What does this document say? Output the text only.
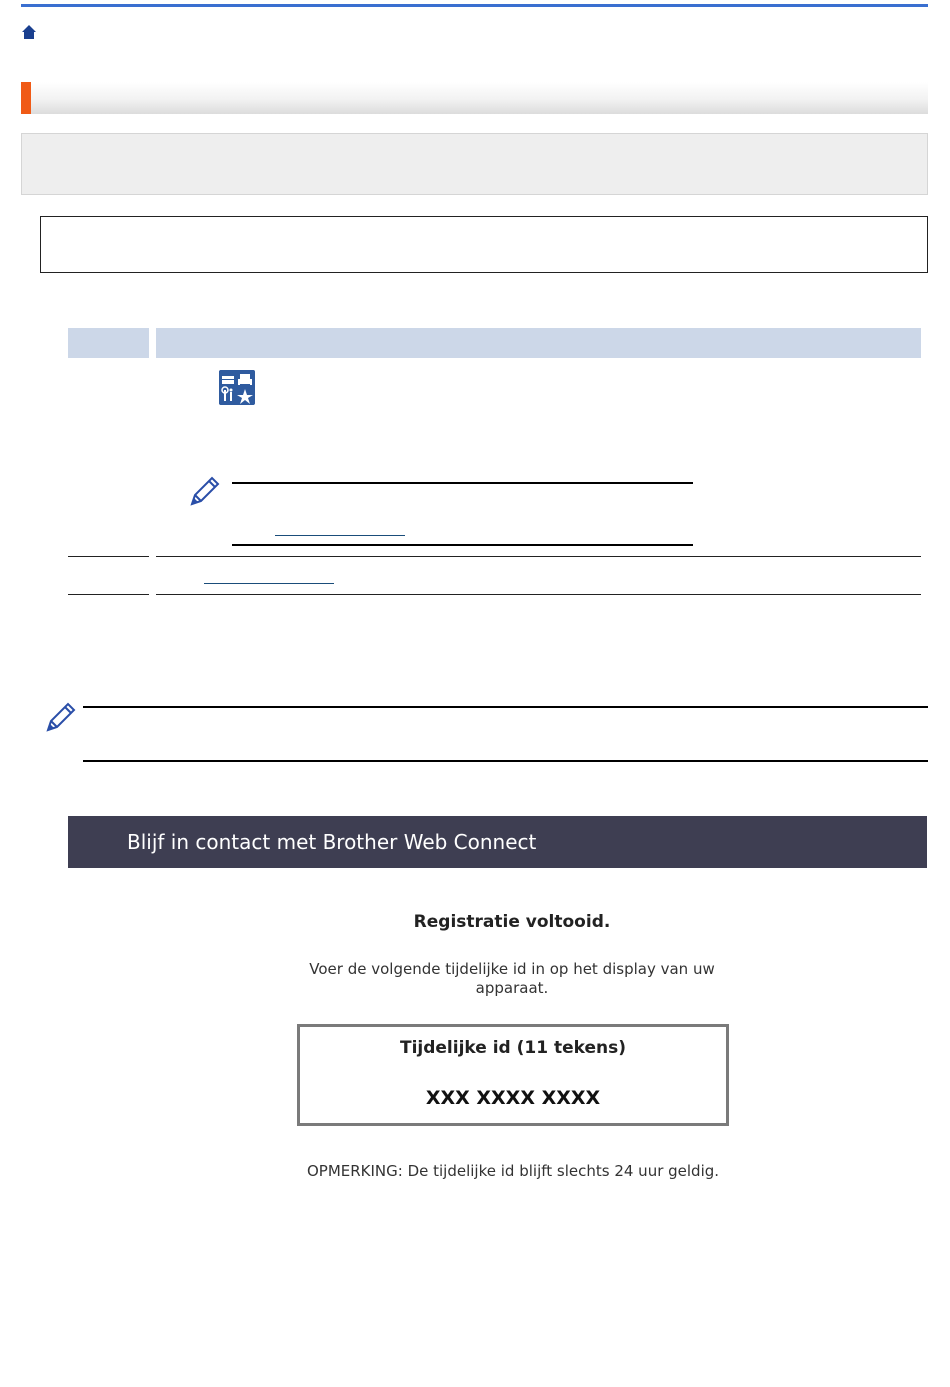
Blijf in contact met Brother Web Connect
Registratie voltooid.
Voer de volgende tijdelijke id in op het display van uw apparaat.
Tijdelijke id (11 tekens)
XXX XXXX XXXX
OPMERKING: De tijdelijke id blijft slechts 24 uur geldig.
